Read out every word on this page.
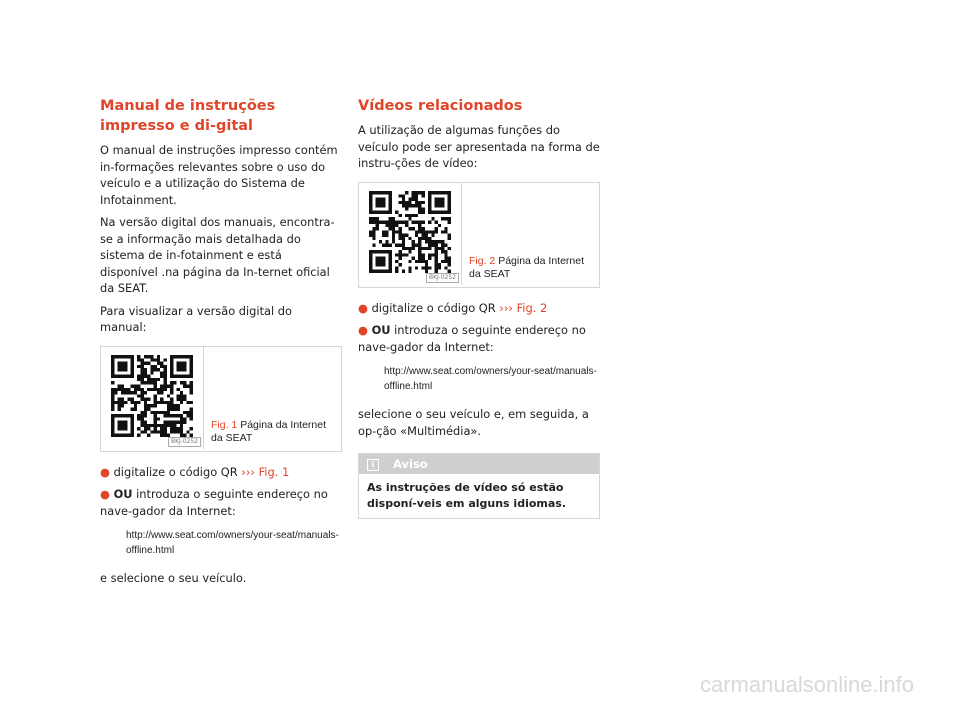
Manual de instruções impresso e di-gital

O manual de instruções impresso contém in-formações relevantes sobre o uso do veículo e a utilização do Sistema de Infotainment.

Na versão digital dos manuais, encontra-se a informação mais detalhada do sistema de in-fotainment e está disponível .na página da In-ternet oficial da SEAT.

Para visualizar a versão digital do manual:

BKJ-0252
Fig. 1 Página da Internet da SEAT
● digitalize o código QR ››› Fig. 1
● OU introduza o seguinte endereço no nave-gador da Internet:
http://www.seat.com/owners/your-seat/manuals-offline.html

e selecione o seu veículo.

Vídeos relacionados

A utilização de algumas funções do veículo pode ser apresentada na forma de instru-ções de vídeo:

BKJ-0252
Fig. 2 Página da Internet da SEAT
● digitalize o código QR ››› Fig. 2
● OU introduza o seguinte endereço no nave-gador da Internet:
http://www.seat.com/owners/your-seat/manuals-offline.html

selecione o seu veículo e, em seguida, a op-ção «Multimédia».

i Aviso
As instruções de vídeo só estão disponí-veis em alguns idiomas.
carmanualsonline.info
